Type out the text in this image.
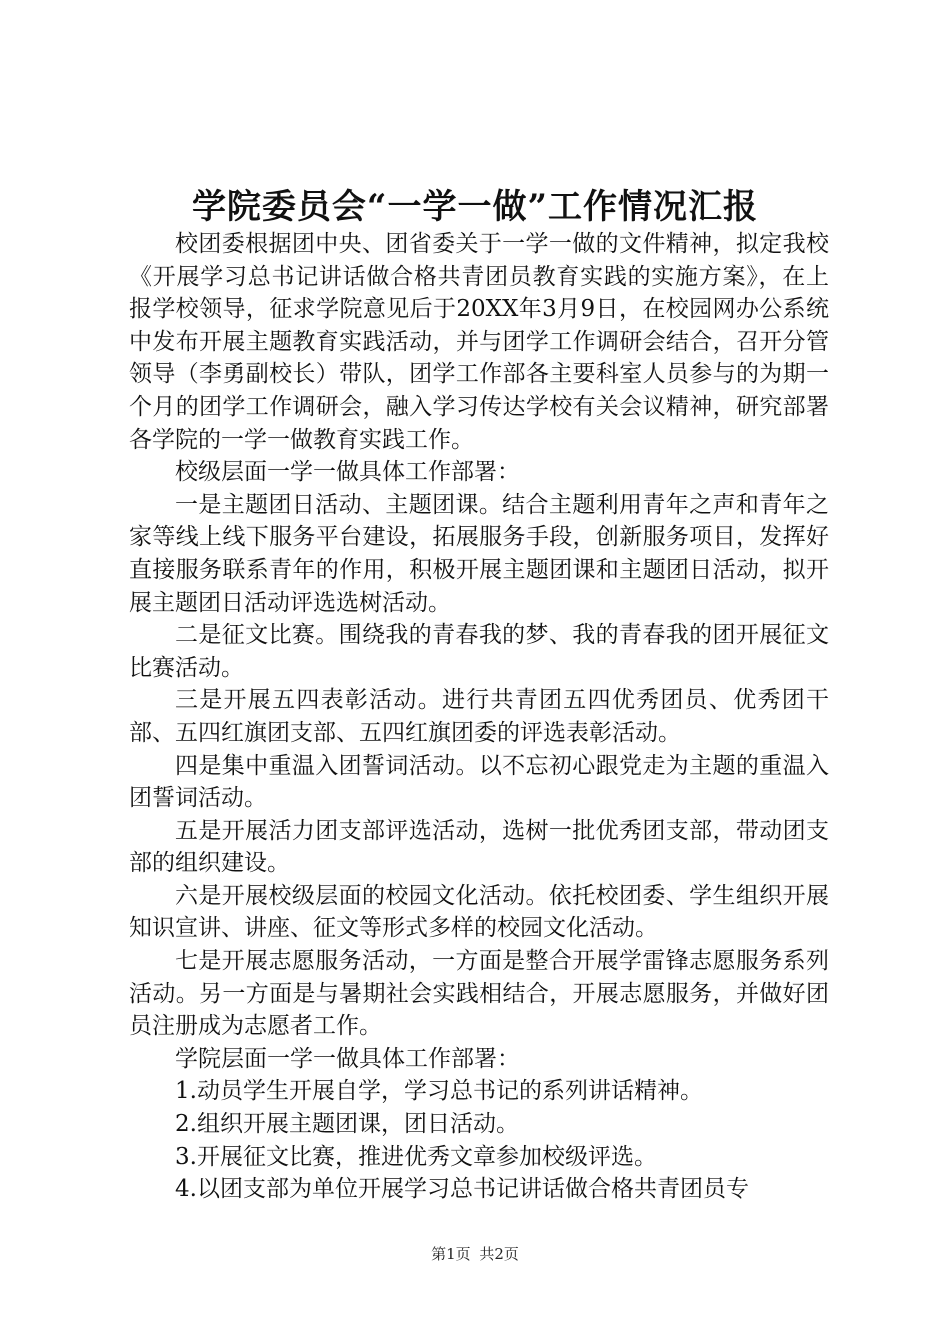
学院委员会“一学一做”工作情况汇报

校团委根据团中央、团省委关于一学一做的文件精神，拟定我校《开展学习总书记讲话做合格共青团员教育实践的实施方案》，在上报学校领导，征求学院意见后于20XX年3月9日，在校园网办公系统中发布开展主题教育实践活动，并与团学工作调研会结合，召开分管领导（李勇副校长）带队，团学工作部各主要科室人员参与的为期一个月的团学工作调研会，融入学习传达学校有关会议精神，研究部署各学院的一学一做教育实践工作。

校级层面一学一做具体工作部署：

一是主题团日活动、主题团课。结合主题利用青年之声和青年之家等线上线下服务平台建设，拓展服务手段，创新服务项目，发挥好直接服务联系青年的作用，积极开展主题团课和主题团日活动，拟开展主题团日活动评选选树活动。

二是征文比赛。围绕我的青春我的梦、我的青春我的团开展征文比赛活动。

三是开展五四表彰活动。进行共青团五四优秀团员、优秀团干部、五四红旗团支部、五四红旗团委的评选表彰活动。

四是集中重温入团誓词活动。以不忘初心跟党走为主题的重温入团誓词活动。

五是开展活力团支部评选活动，选树一批优秀团支部，带动团支部的组织建设。

六是开展校级层面的校园文化活动。依托校团委、学生组织开展知识宣讲、讲座、征文等形式多样的校园文化活动。

七是开展志愿服务活动，一方面是整合开展学雷锋志愿服务系列活动。另一方面是与暑期社会实践相结合，开展志愿服务，并做好团员注册成为志愿者工作。

学院层面一学一做具体工作部署：

1.动员学生开展自学，学习总书记的系列讲话精神。

2.组织开展主题团课，团日活动。

3.开展征文比赛，推进优秀文章参加校级评选。

4.以团支部为单位开展学习总书记讲话做合格共青团员专

第1页 共2页
